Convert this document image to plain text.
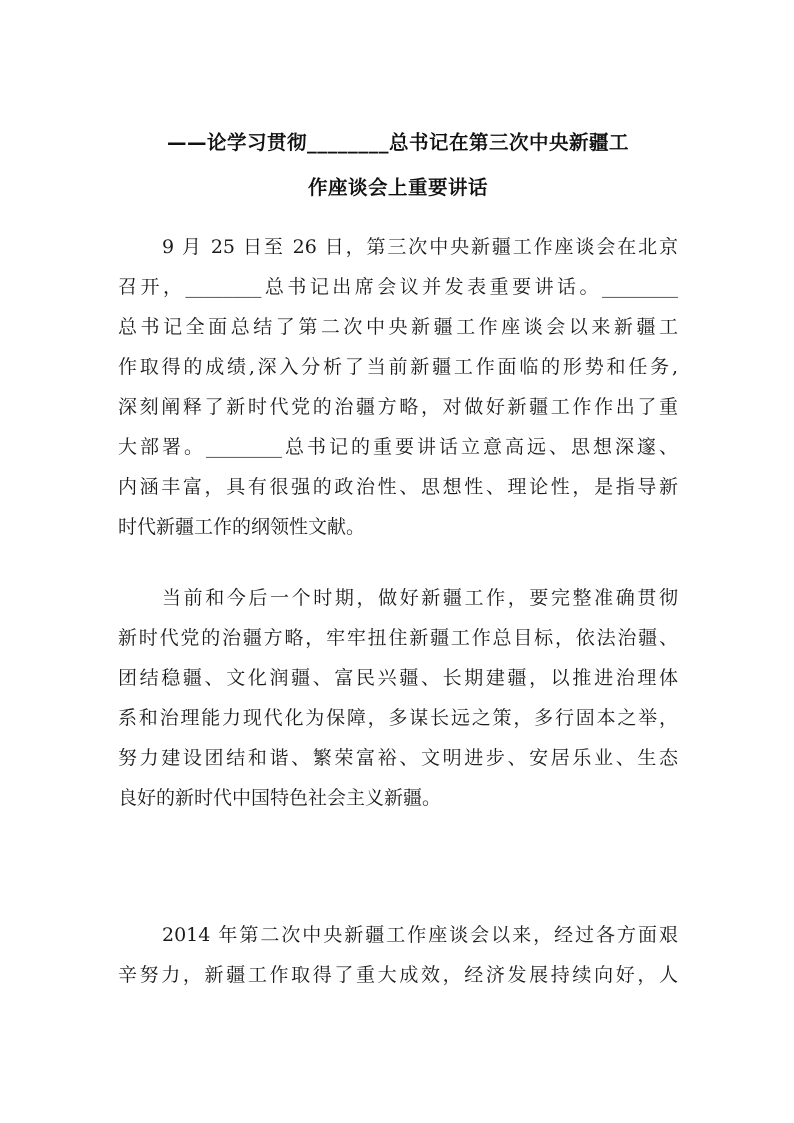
——论学习贯彻________总书记在第三次中央新疆工
作座谈会上重要讲话
9 月 25 日至 26 日，第三次中央新疆工作座谈会在北京
召开，________总书记出席会议并发表重要讲话。________
总书记全面总结了第二次中央新疆工作座谈会以来新疆工
作取得的成绩,深入分析了当前新疆工作面临的形势和任务,
深刻阐释了新时代党的治疆方略，对做好新疆工作作出了重
大部署。________总书记的重要讲话立意高远、思想深邃、
内涵丰富，具有很强的政治性、思想性、理论性，是指导新
时代新疆工作的纲领性文献。
当前和今后一个时期，做好新疆工作，要完整准确贯彻
新时代党的治疆方略，牢牢扭住新疆工作总目标，依法治疆、
团结稳疆、文化润疆、富民兴疆、长期建疆，以推进治理体
系和治理能力现代化为保障，多谋长远之策，多行固本之举，
努力建设团结和谐、繁荣富裕、文明进步、安居乐业、生态
良好的新时代中国特色社会主义新疆。
2014 年第二次中央新疆工作座谈会以来，经过各方面艰
辛努力，新疆工作取得了重大成效，经济发展持续向好，人
